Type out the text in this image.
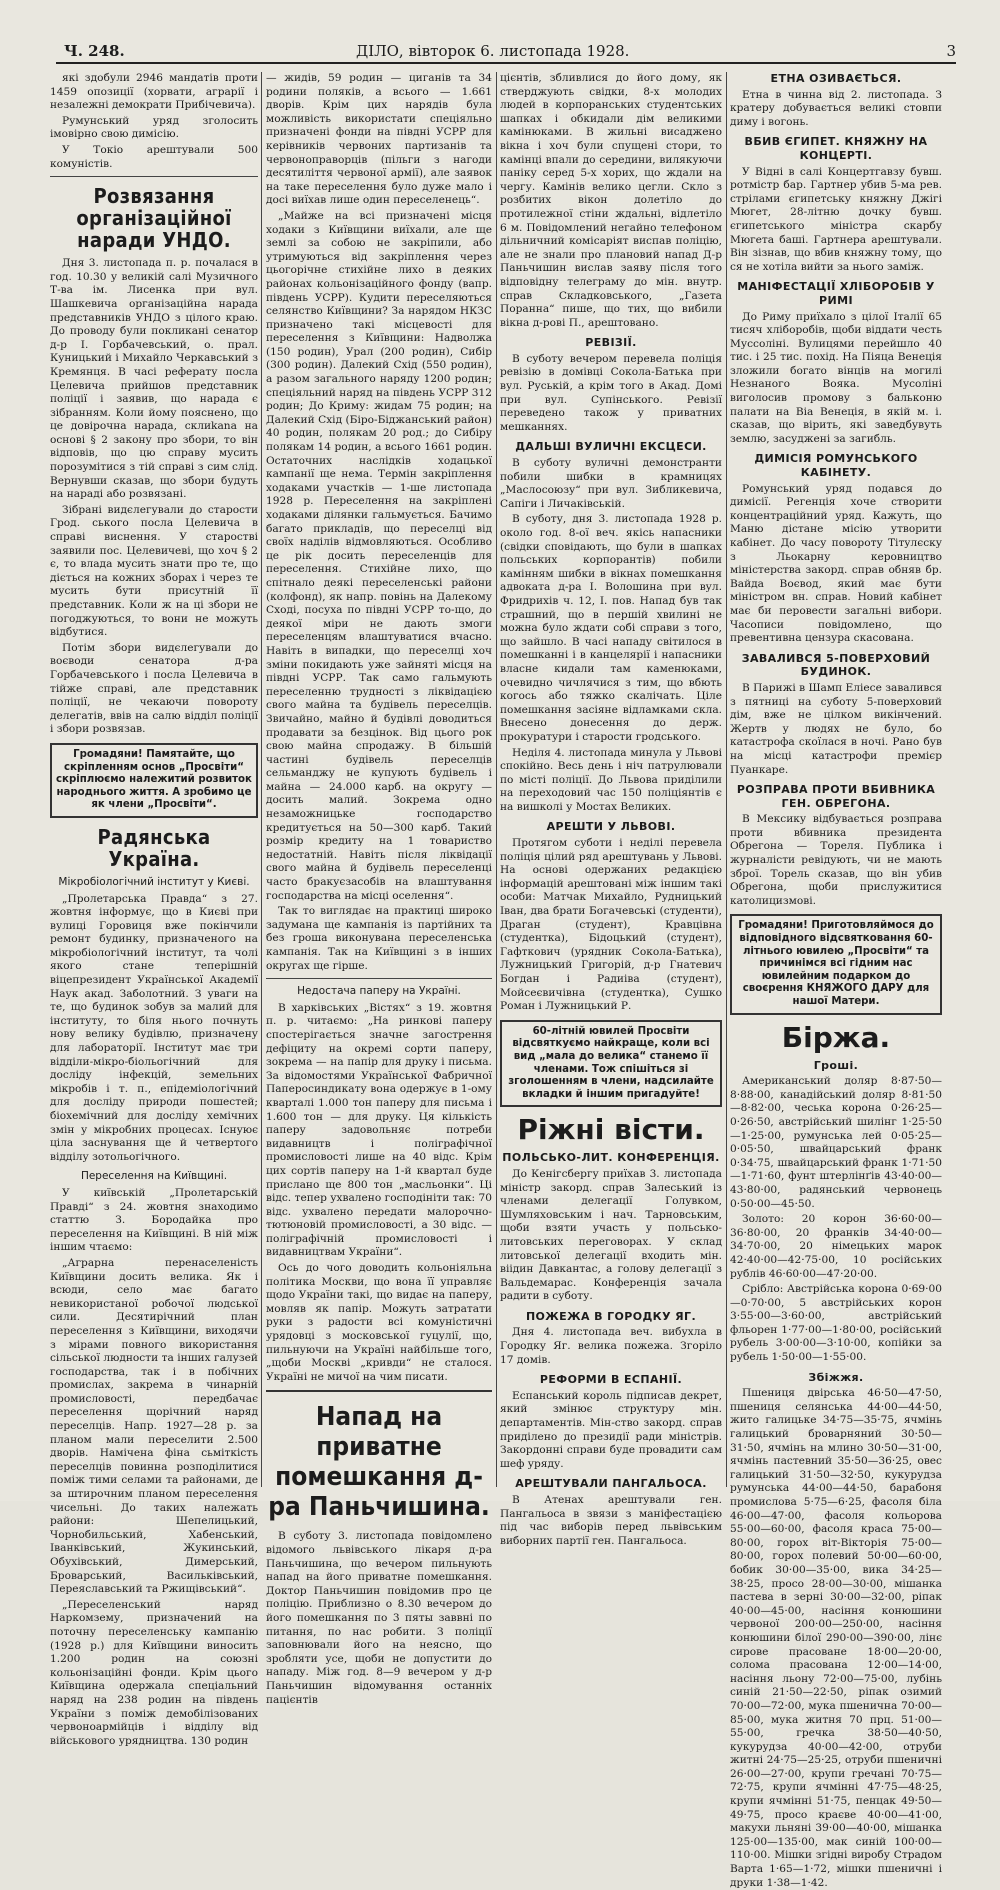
Ч. 248.	ДІЛО, вівторок 6. листопада 1928.	3

які здобули 2946 мандатів проти 1459 опозиції (хорвати, аграрії і незалежні демократи Прибічевича).

Румунський уряд зголосить імовірно свою димісію.

У Токіо арештували 500 комуністів.

Розвязання організаційної наради УНДО.

Дня 3. листопада п. р. почалася в год. 10.30 у великій салі Музичного Т-ва ім. Лисенка при вул. Шашкевича організаційна нарада представників УНДО з цілого краю. До проводу були покликані сенатор д-р І. Горбачевський, о. прал. Куницький і Михайло Черкавський з Кремянця. В часі реферату посла Целевича прийшов представник поліції і заявив, що нарада є зібранням. Коли йому пояснено, що це довірочна нарада, склиkana на основі § 2 закону про збори, то він відповів, що цю справу мусить порозумітися з тій справі з сим слід. Вернувши сказав, що збори будуть на нараді або розвязані.

Зібрані видєлегували до старости Грод. ського посла Целевича в справі виснення. У старостві заявили пос. Целевичеві, що хоч § 2 є, то влада мусить знати про те, що діється на кожних зборах і через те мусить бути присутній її представник. Коли ж на ці збори не погоджуються, то вони не можуть відбутися.

Потім збори видєлегували до воєводи сенатора д-ра Горбачевського і посла Целевича в тійже справі, але представник поліції, не чекаючи повороту делегатів, ввів на салю відділ поліції і збори розвязав.

Громадяни! Памятайте, що скріпленням основ „Просвіти“ скріплюємо належитий розвиток народнього життя. А зробимо це як члени „Просвіти“.
Радянська Україна.
Мікробіологічний інститут у Києві.

„Пролетарська Правда“ з 27. жовтня інформує, що в Києві при вулиці Горовиця вже покінчили ремонт будинку, призначеного на мікробіологічний інститут, та чолі якого стане теперішній віцепрезидент Української Академії Наук акад. Заболотний. З уваги на те, що будинок зобув за малий для інституту, то біля нього почнуть нову велику будівлю, призначену для лабораторії. Інститут має три відділи-мікро-біольогічний для досліду інфекцій, земельних мікробів і т. п., епідеміологічний для досліду природи пошестей; біохемічний для досліду хемічних змін у мікробних процесах. Існуює ціла заснування ще й четвертого відділу зотольогічного.

Переселення на Київщині.

У київській „Пролетарській Правді“ з 24. жовтня знаходимо статтю З. Бородайка про переселення на Київщині. В ній між іншим чтаємо:

„Аграрна перенаселеність Київщини досить велика. Як і всюди, село має багато невикористаної робочої людської сили. Десятирічний план переселення з Київщини, виходячи з мірами повного використання сільської людности та інших галузей господарства, так і в побічних промислах, закрема в чинарній промисловості, передбачає переселення щорічний наряд переселців. Напр. 1927—28 р. за планом мали переселити 2.500 дворів. Намічена фіна сьміткість переселців повинна розподілитися поміж тими селами та районами, де за штирочним планом переселення чисельні. До таких належать райони: Шепелицький, Чорнобильський, Хабенський, Іванківський, Жукинський, Обухівський, Димерський, Броварський, Васильківський, Переяславський та Ржищівський“.

„Переселенський наряд Наркомзему, призначений на поточну переселенську кампанію (1928 р.) для Київщини виносить 1.200 родин на союзні кольонізаційні фонди. Крім цього Київщина одержала спеціальний наряд на 238 родин на південь України з поміж демобілізованих червоноармійців і відділу від військового урядництва. 130 родин

— жидів, 59 родин — циганів та 34 родини поляків, а всього — 1.661 дворів. Крім цих нарядів була можливість використати спеціяльно призначені фонди на півдні УСРР для керівників червоних партизанів та червоноправорців (пільги з нагоди десятиліття червоної армії), але заявок на таке переселення було дуже мало і досі виїхав лише один переселенець“.

„Майже на всі призначені місця ходаки з Київщини виїхали, але ще землі за собою не закріпили, або утримуються від закріплення через цьогорічне стихійне лихо в деяких районах кольонізаційного фонду (вапр. південь УСРР). Кудити переселяються селянство Київщини? За нарядом НКЗС призначено такі місцевості для переселення з Київщини: Надволжа (150 родин), Урал (200 родин), Сибір (300 родин). Далекий Схід (550 родин), а разом загального наряду 1200 родин; спеціяльний наряд на південь УСРР 312 родин; До Криму: жидам 75 родин; на Далекий Схід (Біро-Біджанський район) 40 родин, полякам 20 род.; до Сибіру полякам 14 родин, а всього 1661 родин. Остаточних наслідків ходацької кампанії ще нема. Термін закріплення ходаками участків — 1-ше листопада 1928 р. Переселення на закріплені ходаками ділянки гальмується. Бачимо багато прикладів, що переселці від своїх наділів відмовляються. Особливо це рік досить переселенців для переселення. Стихійне лихо, що спітнало деякі переселенські райони (колфонд), як напр. повінь на Далекому Сході, посуха по півдні УСРР то-що, до деякої міри не дають змоги переселенцям влаштуватися вчасно. Навіть в випадки, що переселці хоч зміни покидають уже зайняті місця на півдні УСРР. Так само гальмують переселенню трудності з ліквідацією свого майна та будівель переселців. Звичайно, майно й будівлі доводиться продавати за безцінок. Від цього рок свою майна спродажу. В більшій частині будівель переселців сельманджу не купують будівель і майна — 24.000 карб. на округу — досить малий. Зокрема одно незаможницьке господарство кредитується на 50—300 карб. Такий розмір кредиту на 1 товариство недостатній. Навіть після ліквідації свого майна й будівель переселенці часто бракуєзасобів на влаштування господарства на місці оселення“.

Так то виглядає на практиці широко задумана ще кампанія із партійних та без гроша виконувана переселенська кампанія. Так на Київщині з в інших округах ще гірше.

Недостача паперу на Україні.

В харківських „Вістях“ з 19. жовтня п. р. читаємо: „На ринкові паперу спостерігається значне загострення дефіциту на окремі сорти паперу, зокрема — на папір для друку і письма. За відомостями Української Фабричної Паперосиндикату вона одержує в 1-ому кварталі 1.000 тон паперу для письма і 1.600 тон — для друку. Ця кількість паперу задовольняє потреби видавництв і поліграфічної промисловості лише на 40 відс. Крім цих сортів паперу на 1-й квартал буде прислано ще 800 тон „масльонки“. Ці відс. тепер ухвалено господініти так: 70 відс. ухвалено передати малорочно-тютюновій промисловості, а 30 відс. — поліграфічній промисловості і видавництвам України“.

Ось до чого доводить кольоніяльна політика Москви, що вона її управляє щодо України такі, що видає на паперу, мовляв як папір. Можуть затратати руки з радости всі комуністичні урядовці з московської гуцулії, що, пильнуючи на Україні найбільше того, „щоби Москві „кривди“ не сталося. Україні не мичої на чим писати.

Напад на приватне помешкання д-ра Паньчишина.

В суботу 3. листопада повідомлено відомого львівського лікаря д-ра Паньчишина, що вечером пильнують напад на його приватне помешкання. Доктор Паньчишин повідомив про це поліцію. Приблизно о 8.30 вечером до його помешкання по 3 пяты заввні по питання, по нас робити. З поліції заповнювали його на неясно, що зробляти усе, щоби не допустити до нападу. Між год. 8—9 вечером у д-р Паньчишин відомування останніх пацієнтів

цієнтів, збливлися до його дому, як стверджують свідки, 8-х молодих людей в корпоранських студентських шапках і обкидали дім великими камінюками. В жильні висаджено вікна і хоч були спущені стори, то камінці впали до середини, вилякуючи паніку серед 5-х хорих, що ждали на чергу. Камінів велико цегли. Скло з розбитих вікон долетіло до протилежної стіни ждальні, відлетіло 6 м. Повідомлений негайно телефоном дільничний комісаріят виспав поліцію, але не знали про плановий напад Д-р Паньчишин вислав заяву після того відповідну телеграму до мін. внутр. справ Складковського, „Газета Поранна“ пише, що тих, що вибили вікна д-рові П., арештовано.

РЕВІЗІЇ.

В суботу вечером перевела поліція ревізію в домівці Сокола-Батька при вул. Руській, а крім того в Акад. Домі при вул. Супінського. Ревізії переведено також у приватних мешканнях.

ДАЛЬШІ ВУЛИЧНІ ЕКСЦЕСИ.

В суботу вуличні демонстранти побили шибки в крамницях „Маслосоюзу“ при вул. Зибликевича, Сапіги і Личаківській.

В суботу, дня 3. листопада 1928 р. около год. 8-ої веч. якісь напасники (свідки сповідають, що були в шапках польських корпорантів) побили камінням шибки в вікнах помешкання адвоката д-ра І. Волошина при вул. Фридрихів ч. 12, І. пов. Напад був так страшний, що в першій хвилині не можна було ждати собі справи з того, що зайшло. В часі нападу світилося в помешканні і в канцелярії і напасники власне кидали там каменюками, очевидно чичлячися з тим, що вбють когось або тяжко скалічать. Ціле помешкання засіяне відламками скла. Внесено донесення до держ. прокуратури і старости гродського.

Неділя 4. листопада минула у Львові спокійно. Весь день і ніч патрулювали по місті поліції. До Львова приділили на переходовий час 150 поліціянтів є на вишколі у Мостах Великих.

АРЕШТИ У ЛЬВОВІ.

Протягом суботи і неділі перевела поліція цілий ряд арештувань у Львові. На основі одержаних редакцією інформацій арештовані між іншим такі особи: Матчак Михайло, Рудницький Іван, два брати Богачевські (студенти), Драган (студент), Кравцівна (студентка), Бідоцький (студент), Гафткович (урядник Сокола-Батька), Лужницький Григорій, д-р Гнатевич Богдан і Радиіва (студент), Мойсеєвичівна (студентка), Сушко Роман і Лужницький Р.

60-літній ювилей Просвіти відсвяткуємо найкраще, коли всі вид „мала до велика“ станемо її членами. Тож спішіться зі зголошенням в члени, надсилайте вкладки й іншим пригадуйте!
Ріжні вісти.
ПОЛЬСЬКО-ЛИТ. КОНФЕРЕНЦІЯ.

До Кенігсбергу приїхав 3. листопада міністр закорд. справ Залеський із членами делегації Голувком, Шумляховським і нач. Тарновським, щоби взяти участь у польсько-литовських переговорах. У склад литовської делегації входить мін. віідин Давкантас, а голову делегації з Вальдемарас. Конференція зачала радити в суботу.

ПОЖЕЖА В ГОРОДКУ ЯГ.

Дня 4. листопада веч. вибухла в Городку Яг. велика пожежа. Згоріло 17 домів.

РЕФОРМИ В ЕСПАНІЇ.

Еспанський король підписав декрет, який змінює структуру мін. департаментів. Мін-ство закорд. справ приділено до президії ради міністрів. Закордонні справи буде провадити сам шеф уряду.

АРЕШТУВАЛИ ПАНГАЛЬОСА.

В Атенах арештували ген. Пангальоса в звязи з маніфестацією під час виборів перед львівським виборних партії ген. Пангальоса.

ЕТНА ОЗИВАЄТЬСЯ.

Етна в чинна від 2. листопада. З кратеру добувається великі стовпи диму і вогонь.

ВБИВ ЄГИПЕТ. КНЯЖНУ НА КОНЦЕРТІ.

У Відні в салі Концертгавзу бувш. ротмістр бар. Гартнер убив 5-ма рев. стрілами єгипетську княжну Джігі Мюгет, 28-літню дочку бувш. єгипетського міністра скарбу Мюгета баші. Гартнера арештували. Він зізнав, що вбив княжну тому, що ся не хотіла вийти за нього заміж.

МАНІФЕСТАЦІЇ ХЛІБОРОБІВ У РИМІ

До Риму приїхало з цілої Італії 65 тисяч хліборобів, щоби віддати честь Муссоліні. Вулицями перейшло 40 тис. і 25 тис. похід. На Піяца Венеція зложили богато вінців на могилі Незнаного Вояка. Мусоліні виголосив промову з бальконю палати на Віа Венеція, в якій м. і. сказав, що вірить, які заведбувуть землю, засуджені за загибль.

ДИМІСІЯ РОМУНСЬКОГО КАБІНЕТУ.

Ромунський уряд подався до димісії. Регенція хоче створити концентраційний уряд. Кажуть, що Маню дістане місію утворити кабінет. До часу повороту Тітулєску з Льокарну керовництво міністерства закорд. справ обняв бр. Вайда Воєвод, який має бути міністром вн. справ. Новий кабінет має би перовести загальні вибори. Часописи повідомлено, що превентивна цензура скасована.

ЗАВАЛИВСЯ 5-ПОВЕРХОВИЙ БУДИНОК.

В Парижі в Шамп Еліесе завалився з пятниці на суботу 5-поверховий дім, вже не цілком викінчений. Жертв у людях не було, бо катастрофа скоїлася в ночі. Рано був на місці катастрофи премієр Пуанкаре.

РОЗПРАВА ПРОТИ ВБИВНИКА ГЕН. ОБРЕГОНА.

В Мексику відбувається розправа проти вбивника президента Обрегона — Тореля. Публика і журналісти ревідують, чи не мають зброї. Торель сказав, що він убив Обрегона, щоби прислужитися католицизмові.

Громадяни! Приготовляймося до відповідного відсвятковання 60-літнього ювилею „Просвіти“ та причинімся всі гідним нас ювилейним подарком до своєрення КНЯЖОГО ДАРУ для нашої Матери.
Біржа.
Гроші.

Американський доляр 8·87·50—8·88·00, канадійський доляр 8·81·50—8·82·00, чеська корона 0·26·25—0·26·50, австрійський шилінг 1·25·50—1·25·00, румунська лей 0·05·25—0·05·50, швайцарський франк 0·34·75, швайцарський франк 1·71·50—1·71·60, фунт штерлінґів 43·40·00—43·80·00, радянський червонець 0·50·00—45·50.

Золото: 20 корон 36·60·00—36·80·00, 20 франків 34·40·00—34·70·00, 20 німецьких марок 42·40·00—42·75·00, 10 російських рублів 46·60·00—47·20·00.

Срібло: Австрійська корона 0·69·00—0·70·00, 5 австрійських корон 3·55·00—3·60·00, австрійський фльорен 1·77·00—1·80·00, російський рубель 3·00·00—3·10·00, копійки за рубель 1·50·00—1·55·00.

Збіжжя.

Пшениця двірська 46·50—47·50, пшениця селянська 44·00—44·50, жито галицьке 34·75—35·75, ячмінь галицький броварняний 30·50—31·50, ячмінь на млино 30·50—31·00, ячмінь пастевний 35·50—36·25, овес галицький 31·50—32·50, кукурудза румунська 44·00—44·50, барабоня промислова 5·75—6·25, фасоля біла 46·00—47·00, фасоля кольорова 55·00—60·00, фасоля краса 75·00—80·00, горох віт-Вікторія 75·00—80·00, горох полевий 50·00—60·00, бобик 30·00—35·00, вика 34·25—38·25, просо 28·00—30·00, мішанка пастева в зерні 30·00—32·00, ріпак 40·00—45·00, насіння конюшини червоної 200·00—250·00, насіння конюшини білої 290·00—390·00, лінє сирове прасоване 18·00—20·00, солома прасована 12·00—14·00, насіння льону 72·00—75·00, лубінь синій 21·50—22·50, ріпак озимий 70·00—72·00, мука пшенична 70·00—85·00, мука житня 70 прц. 51·00—55·00, гречка 38·50—40·50, кукурудза 40·00—42·00, отруби житні 24·75—25·25, отруби пшеничні 26·00—27·00, крупи гречані 70·75—72·75, крупи ячмінні 47·75—48·25, крупи ячмінні 51·75, пенцак 49·50—49·75, просо краєве 40·00—41·00, макухи льняні 39·00—40·00, мішанка 125·00—135·00, мак синій 100·00—110·00. Мішки згідні виробу Страдом Варта 1·65—1·72, мішки пшеничні і друки 1·38—1·42.
